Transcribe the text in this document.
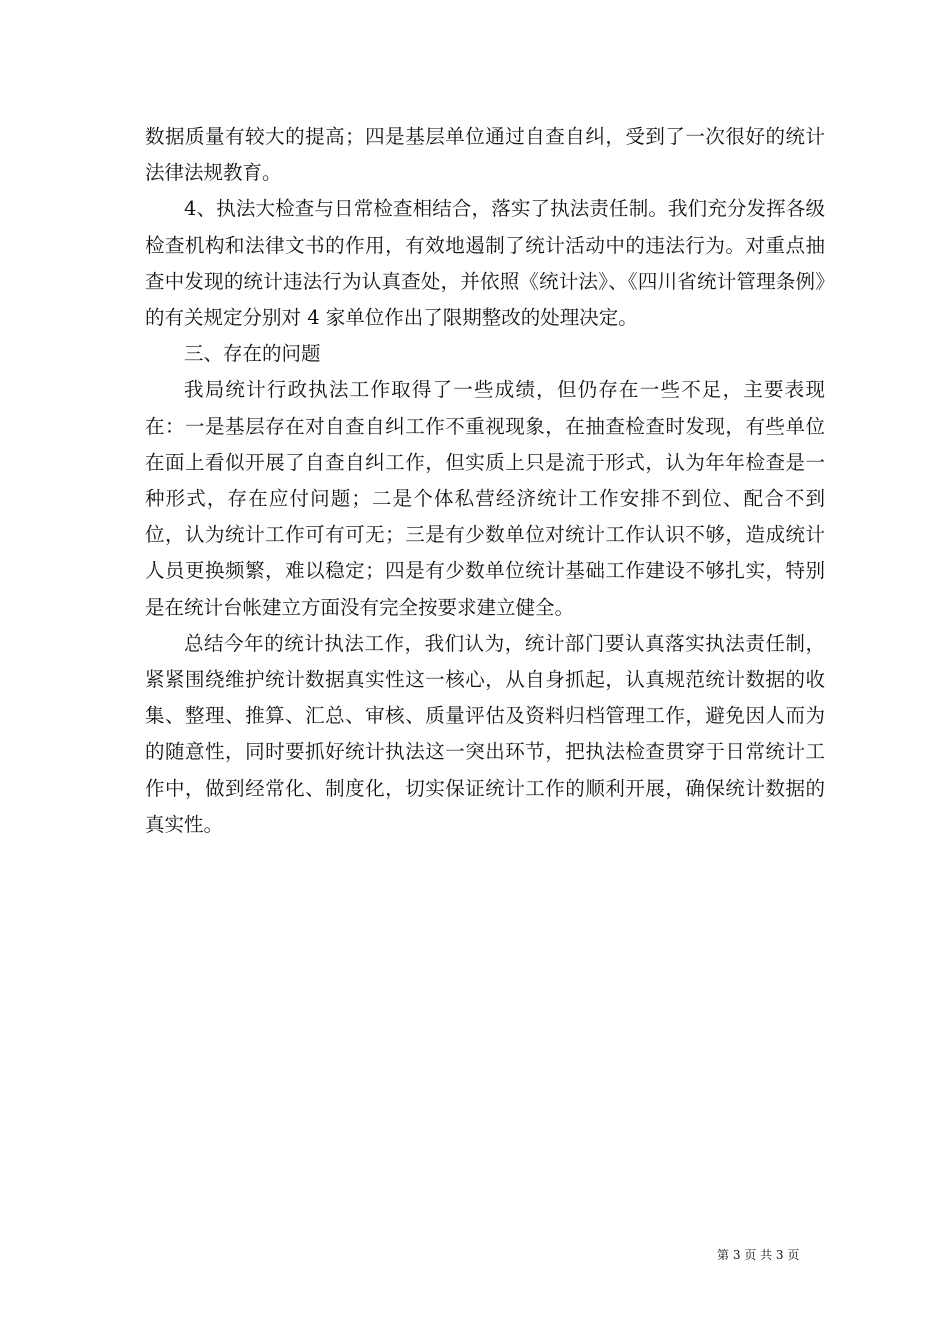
数据质量有较大的提高；四是基层单位通过自查自纠，受到了一次很好的统计法律法规教育。

4、执法大检查与日常检查相结合，落实了执法责任制。我们充分发挥各级检查机构和法律文书的作用，有效地遏制了统计活动中的违法行为。对重点抽查中发现的统计违法行为认真查处，并依照《统计法》、《四川省统计管理条例》的有关规定分别对 4 家单位作出了限期整改的处理决定。

三、存在的问题

我局统计行政执法工作取得了一些成绩，但仍存在一些不足，主要表现在：一是基层存在对自查自纠工作不重视现象，在抽查检查时发现，有些单位在面上看似开展了自查自纠工作，但实质上只是流于形式，认为年年检查是一种形式，存在应付问题；二是个体私营经济统计工作安排不到位、配合不到位，认为统计工作可有可无；三是有少数单位对统计工作认识不够，造成统计人员更换频繁，难以稳定；四是有少数单位统计基础工作建设不够扎实，特别是在统计台帐建立方面没有完全按要求建立健全。

总结今年的统计执法工作，我们认为，统计部门要认真落实执法责任制，紧紧围绕维护统计数据真实性这一核心，从自身抓起，认真规范统计数据的收集、整理、推算、汇总、审核、质量评估及资料归档管理工作，避免因人而为的随意性，同时要抓好统计执法这一突出环节，把执法检查贯穿于日常统计工作中，做到经常化、制度化，切实保证统计工作的顺利开展，确保统计数据的真实性。

第 3 页 共 3 页
